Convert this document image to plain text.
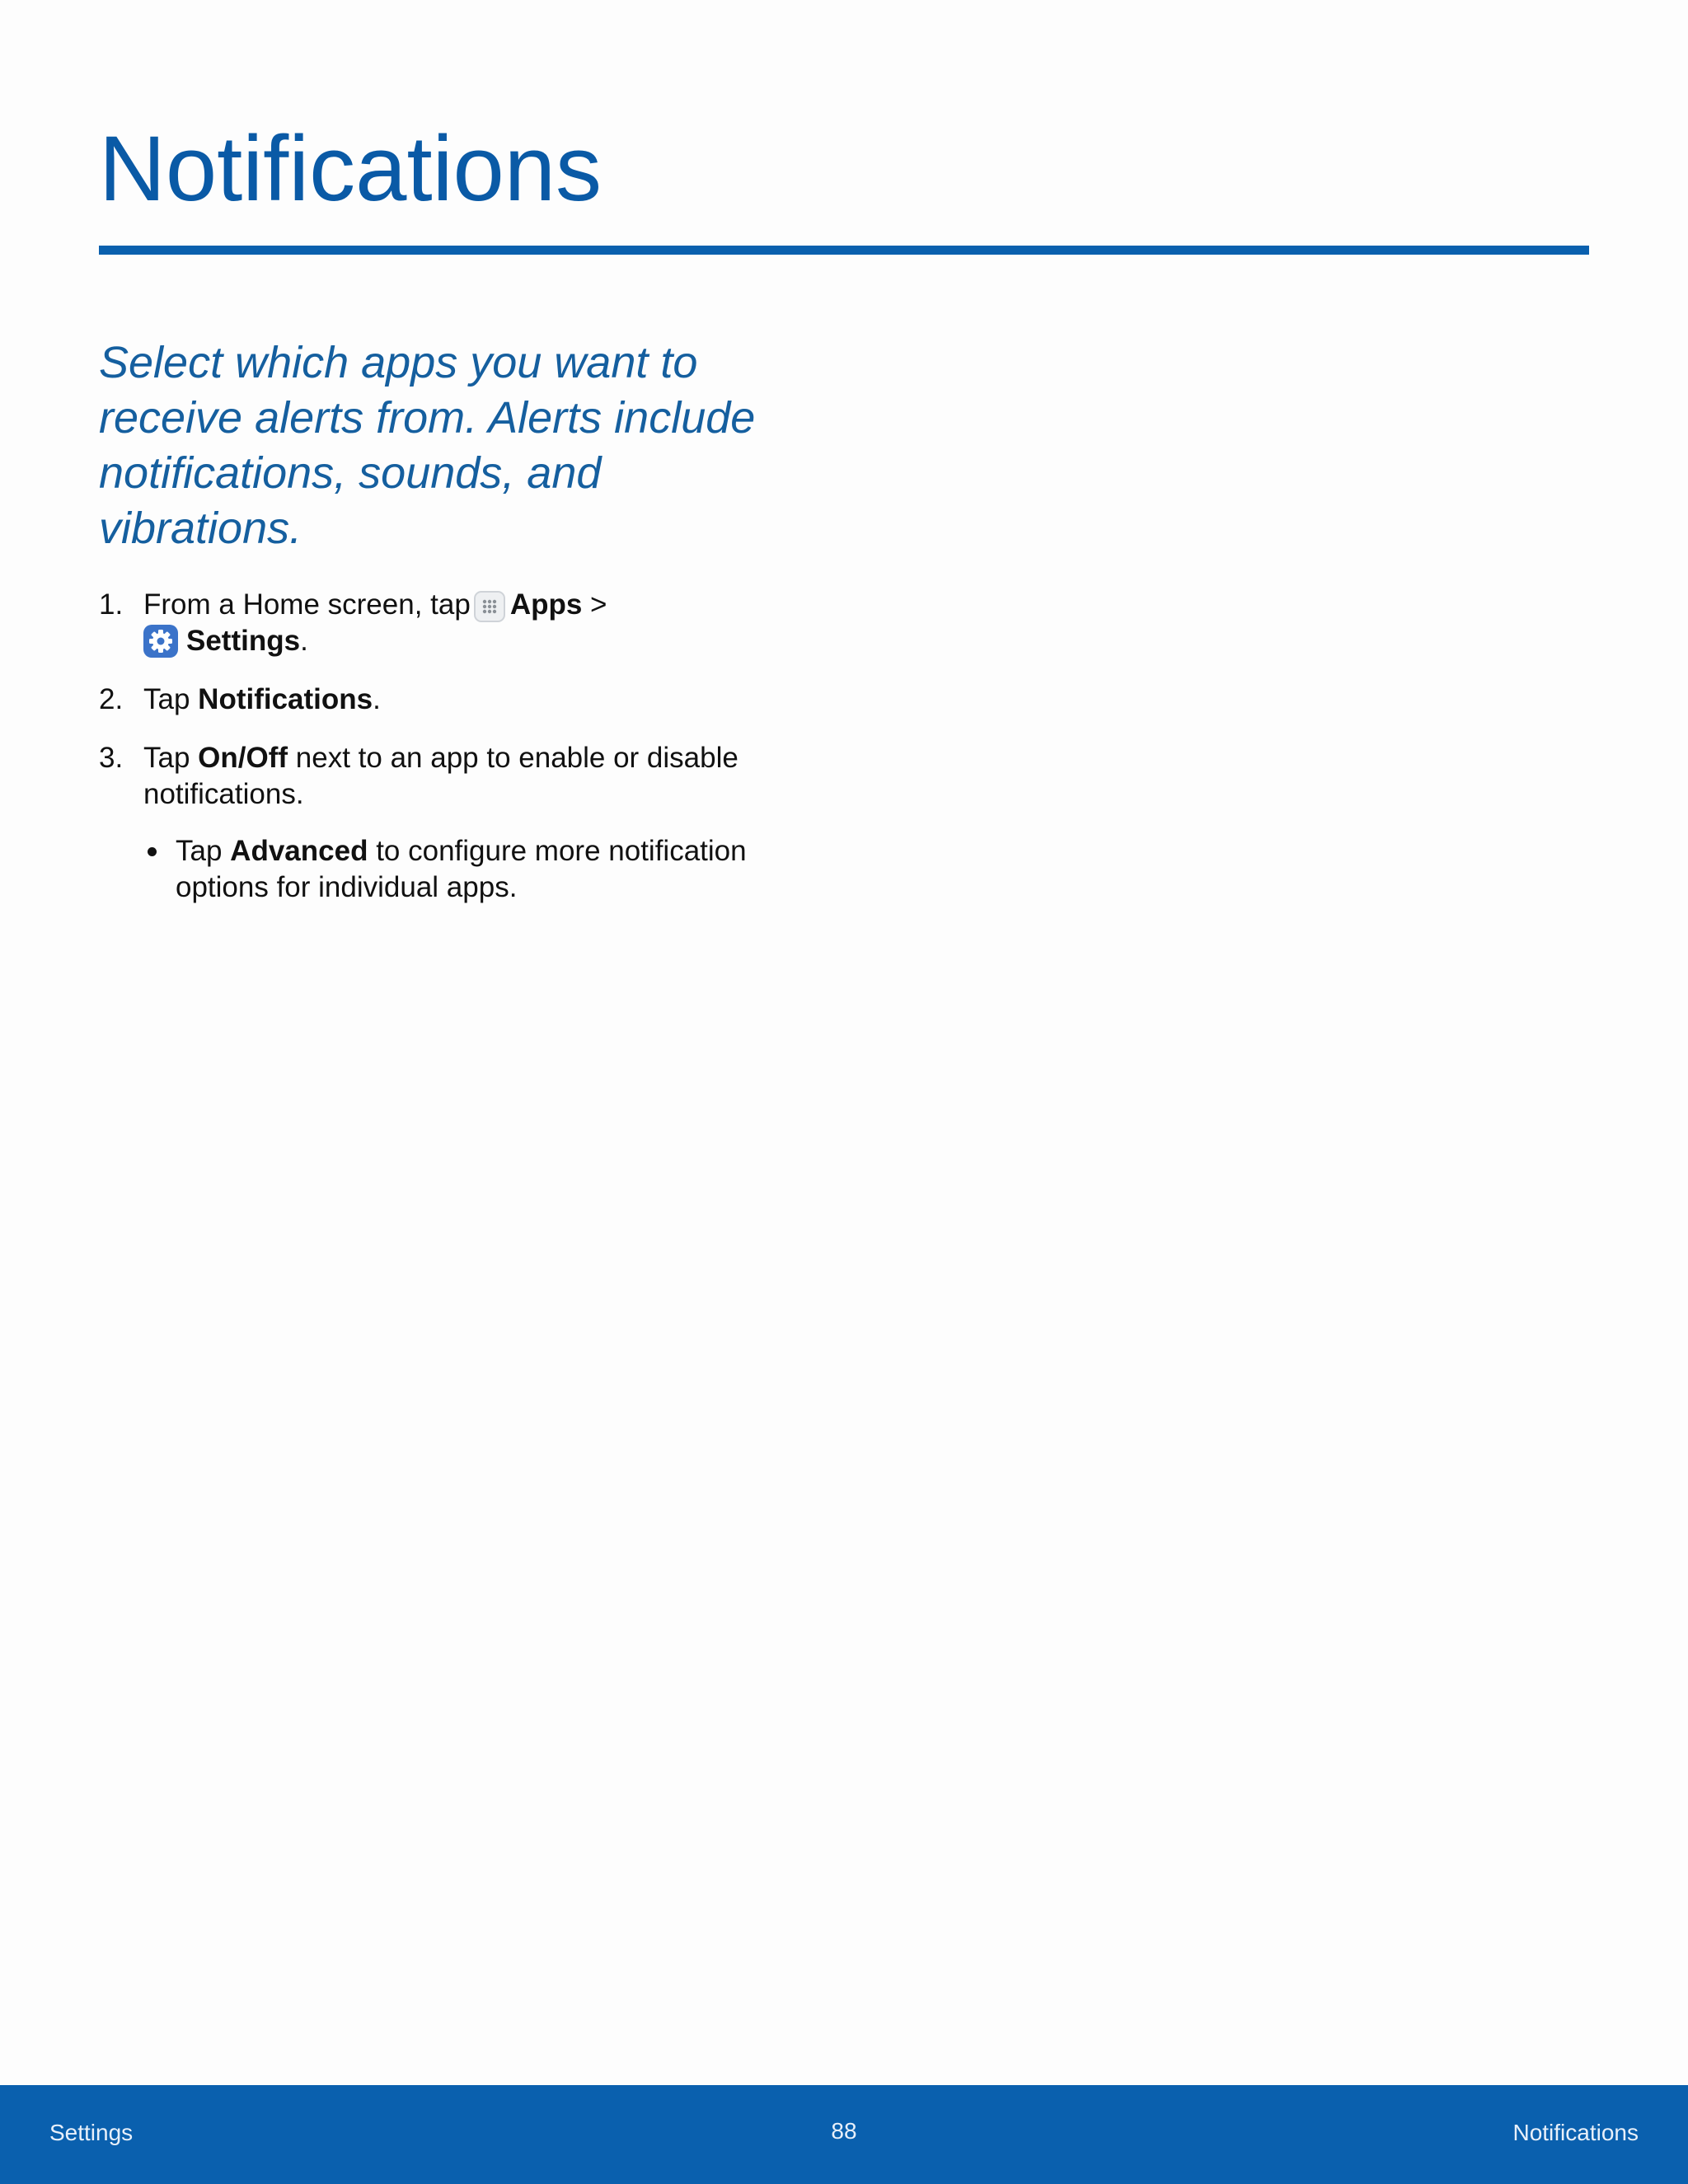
Notifications

Select which apps you want to receive alerts from. Alerts include notifications, sounds, and vibrations.

1. From a Home screen, tap Apps >
Settings.
2. Tap Notifications.
3. Tap On/Off next to an app to enable or disable notifications.
Tap Advanced to configure more notification options for individual apps.
Settings	88	Notifications
